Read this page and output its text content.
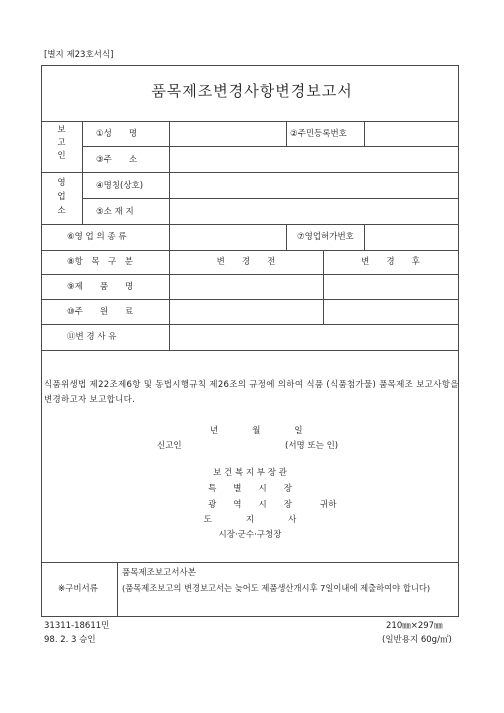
[별지 제23호서식]
품목제조변경사항변경보고서
보
고
인
①성　　명	②주민등록번호
③주　　소
영
업
소
④명칭(상호)
⑤소 재 지
⑥영 업 의 종 류	⑦영업허가번호
⑧항　목　구　분	변　　경　　전	변　　경　　후
⑨제　　품　　명
⑩주　　원　　료
⑪변 경 사 유
식품위생법 제22조제6항 및 동법시행규칙 제26조의 규정에 의하여 식품 (식품첨가물) 품목제조 보고사항을 변경하고자 보고합니다.
년　　　　월　　　　일
신고인	(서명 또는 인)
보 건 복 지 부 장 관
특　　별　　시　　장
광　　역　　시　　장	귀하
도　　　　지　　　　사
시장·군수·구청장
※구비서류
품목제조보고서사본
(품목제조보고의 변경보고서는 늦어도 제품생산개시후 7일이내에 제출하여야 합니다)
31311-18611민
98. 2. 3 승인
210㎜×297㎜
(일반용지 60g/㎡)
